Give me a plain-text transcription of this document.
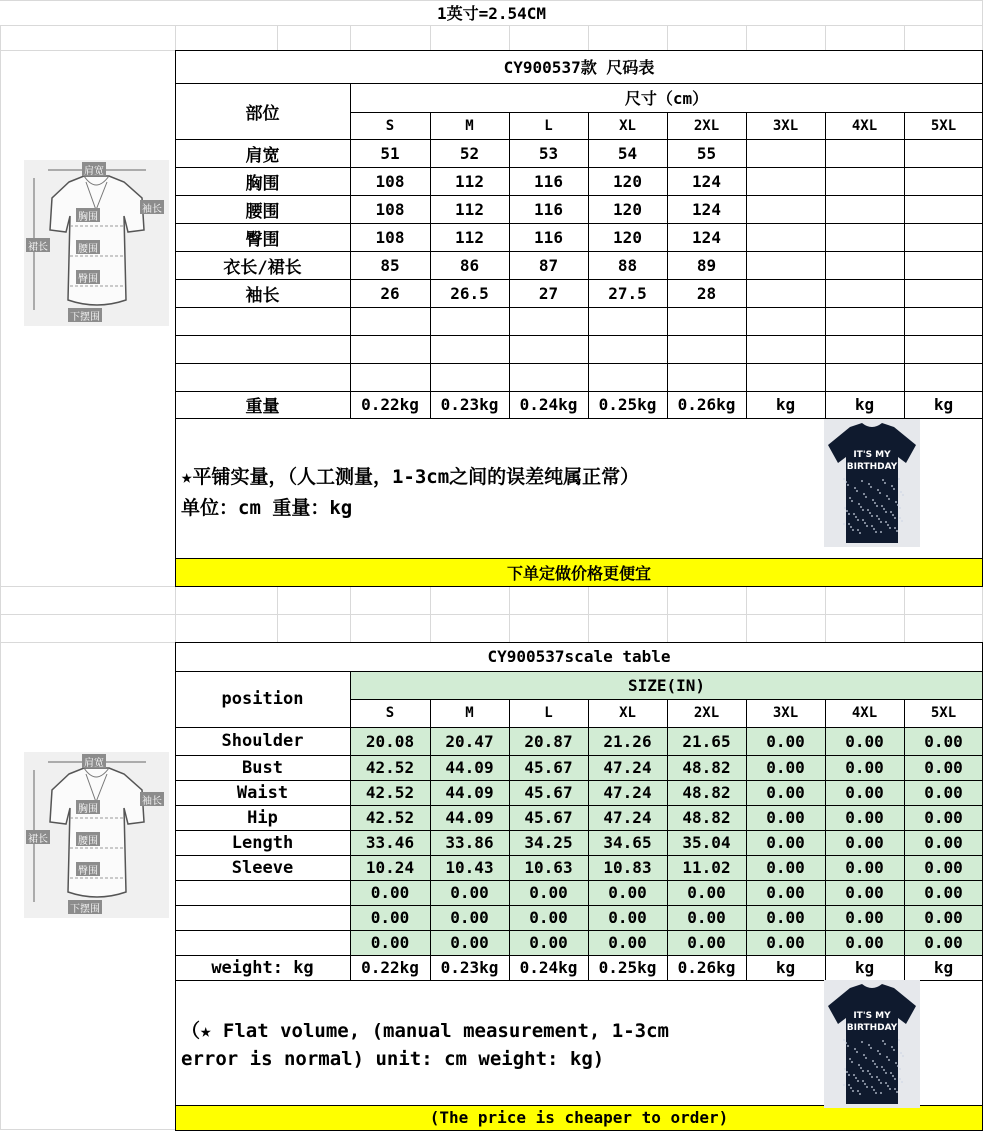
1英寸=2.54CM
CY900537款 尺码表
部位
尺寸（cm）
S	M	L	XL	2XL	3XL	4XL	5XL
肩宽	51	52	53	54	55
胸围	108	112	116	120	124
腰围	108	112	116	120	124
臀围	108	112	116	120	124
衣长/裙长	85	86	87	88	89
袖长	26	26.5	27	27.5	28
重量	0.22kg	0.23kg	0.24kg	0.25kg	0.26kg	kg	kg	kg
★平铺实量，（人工测量，1-3cm之间的误差纯属正常）
单位：cm 重量：kg
下单定做价格更便宜
CY900537scale table
position
SIZE(IN)
S	M	L	XL	2XL	3XL	4XL	5XL
Shoulder	20.08	20.47	20.87	21.26	21.65	0.00	0.00	0.00
Bust	42.52	44.09	45.67	47.24	48.82	0.00	0.00	0.00
Waist	42.52	44.09	45.67	47.24	48.82	0.00	0.00	0.00
Hip	42.52	44.09	45.67	47.24	48.82	0.00	0.00	0.00
Length	33.46	33.86	34.25	34.65	35.04	0.00	0.00	0.00
Sleeve	10.24	10.43	10.63	10.83	11.02	0.00	0.00	0.00
0.00	0.00	0.00	0.00	0.00	0.00	0.00	0.00
0.00	0.00	0.00	0.00	0.00	0.00	0.00	0.00
0.00	0.00	0.00	0.00	0.00	0.00	0.00	0.00
weight: kg	0.22kg	0.23kg	0.24kg	0.25kg	0.26kg	kg	kg	kg
（★ Flat volume, (manual measurement, 1-3cm
error is normal) unit: cm weight: kg)
(The price is cheaper to order)
肩宽
胸围
袖长
裙长	腰围
臀围
下摆围
肩宽
胸围
袖长
裙长	腰围
臀围
下摆围
IT'S MY
BIRTHDAY
IT'S MY
BIRTHDAY
